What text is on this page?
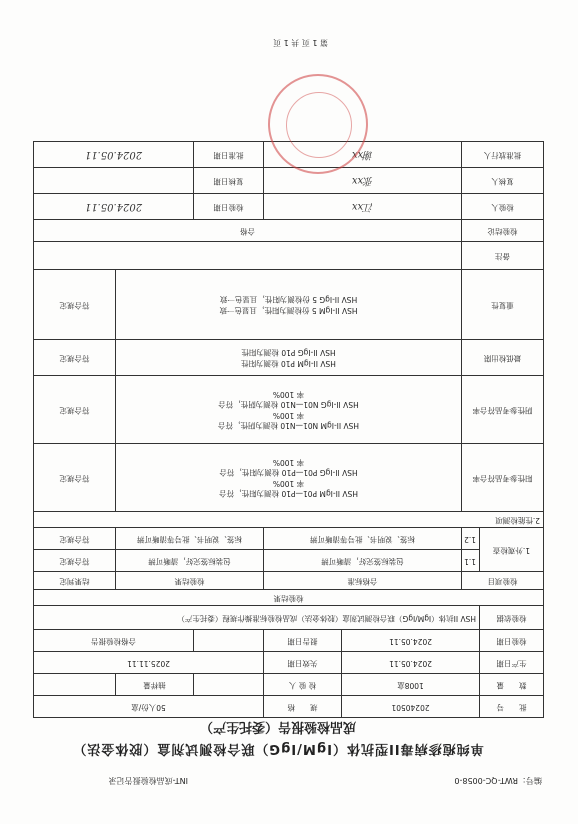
编号：RWT-QC-0058-0
INT-成品检验报告记录
单纯疱疹病毒II型抗体（IgM/IgG）联合检测试剂盒（胶体金法）
成品检验报告（委托生产）
批　　号	20240501		规　　格	50人份/盒		
数　　量	1008盒		检 验 人		抽样量	
生产日期	2024.05.11		失效日期	2025.11.11		
检验日期	2024.05.11		报告日期		合格检验报告	
检验依据	HSV II抗体（IgM/IgG）联合检测试剂盒（胶体金法）成品检验标准操作规程（委托生产）					
检验结果						
检验项目		合格标准		检验结果		结果判定
1.外观检查	1.1	包装标签完好，清晰可辨		包装标签完好，清晰可辨		符合规定
	1.2	标签、说明书、批号等清晰可辨		标签、说明书、批号等清晰可辨		符合规定
2.性能检测项						
阳性参考品符合率		HSV II-IgM P01—P10 检测为阳性，符合
率 100%
HSV II-IgG P01—P10 检测为阳性，符合
率 100%				符合规定
阴性参考品符合率		HSV II-IgM N01—N10 检测为阴性，符合
率 100%
HSV II-IgG N01—N10 检测为阴性，符合
率 100%				符合规定
最低检出限		HSV II-IgM P10 检测为阳性
HSV II-IgG P10 检测为阳性				符合规定
重复性		HSV II-IgM 5 份检测为阳性，且显色一致
HSV II-IgG 5 份检测为阳性，且显色一致				符合规定
备注						
检验结论		合格				
检验人		江xx		检验日期	2024.05.11	
复核人		张xx		复核日期		
批准放行人		谢xx		批准日期	2024.05.11	
第 1 页 共 1 页
